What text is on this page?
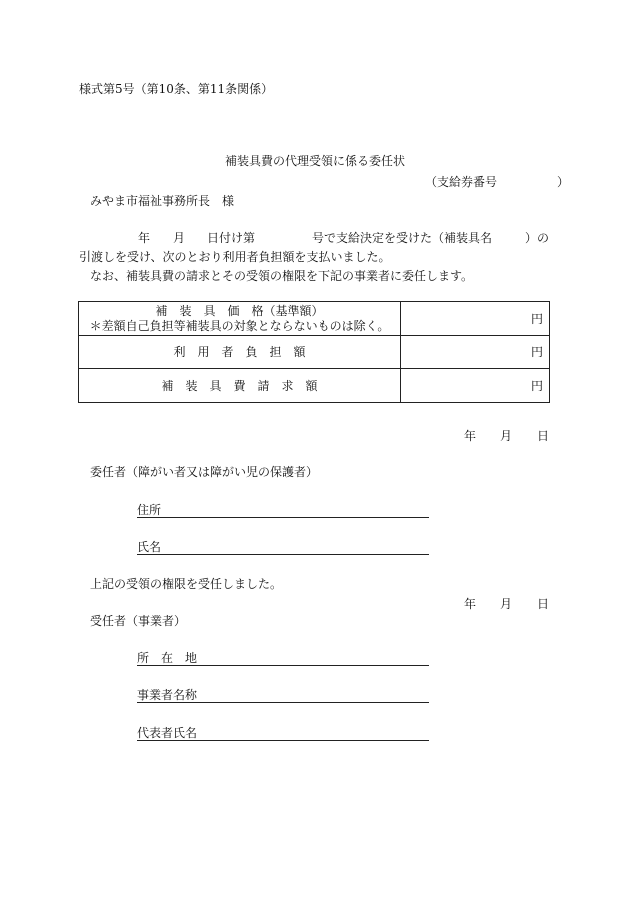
様式第5号（第10条、第11条関係）
補装具費の代理受領に係る委任状
（支給券番号　　　　　）
みやま市福祉事務所長　様
年 月 日付け第	号で支給決定を受けた（補装具名	）の
引渡しを受け、次のとおり利用者負担額を支払いました。
なお、補装具費の請求とその受領の権限を下記の事業者に委任します。
補　装　具　価　格（基準額）
＊差額自己負担等補装具の対象とならないものは除く。	円
利　用　者　負　担　額	円
補　装　具　費　請　求　額	円
年 月 日
委任者（障がい者又は障がい児の保護者）
住所
氏名
上記の受領の権限を受任しました。
年 月 日
受任者（事業者）
所　在　地
事業者名称
代表者氏名
